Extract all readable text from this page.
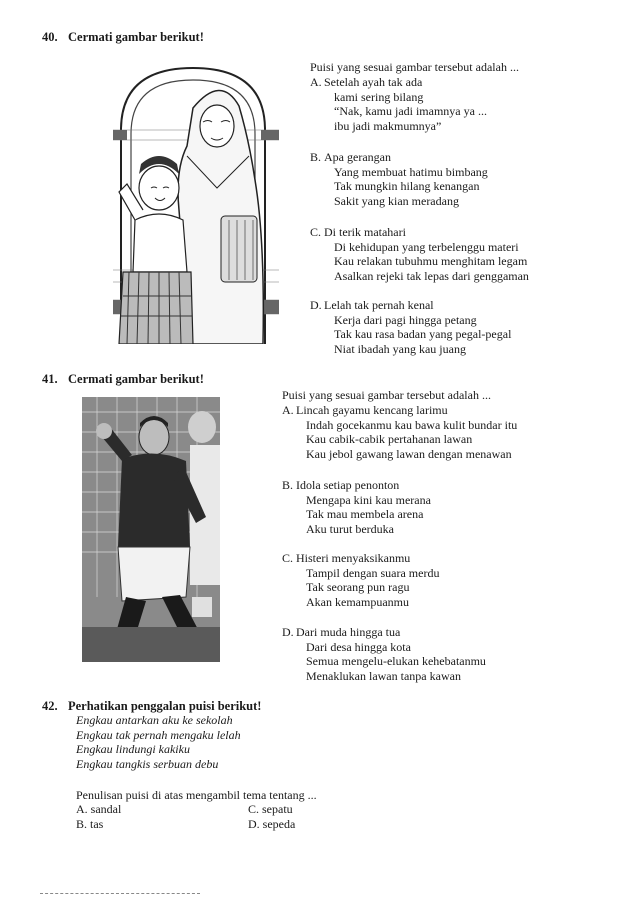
40. Cermati gambar berikut!
Puisi yang sesuai gambar tersebut adalah ...
A. Setelah ayah tak ada
kami sering bilang
“Nak, kamu jadi imamnya ya ...
ibu jadi makmumnya”
B. Apa gerangan
Yang membuat hatimu bimbang
Tak mungkin hilang kenangan
Sakit yang kian meradang
C. Di terik matahari
Di kehidupan yang terbelenggu materi
Kau relakan tubuhmu menghitam legam
Asalkan rejeki tak lepas dari genggaman
D. Lelah tak pernah kenal
Kerja dari pagi hingga petang
Tak kau rasa badan yang pegal-pegal
Niat ibadah yang kau juang
41. Cermati gambar berikut!
Puisi yang sesuai gambar tersebut adalah ...
A. Lincah gayamu kencang larimu
Indah gocekanmu kau bawa kulit bundar itu
Kau cabik-cabik pertahanan lawan
Kau jebol gawang lawan dengan menawan
B. Idola setiap penonton
Mengapa kini kau merana
Tak mau membela arena
Aku turut berduka
C. Histeri menyaksikanmu
Tampil dengan suara merdu
Tak seorang pun ragu
Akan kemampuanmu
D. Dari muda hingga tua
Dari desa hingga kota
Semua mengelu-elukan kehebatanmu
Menaklukan lawan tanpa kawan
42. Perhatikan penggalan puisi berikut!
Engkau antarkan aku ke sekolah
Engkau tak pernah mengaku lelah
Engkau lindungi kakiku
Engkau tangkis serbuan debu
Penulisan puisi di atas mengambil tema tentang ...
A. sandal
B. tas
C. sepatu
D. sepeda
